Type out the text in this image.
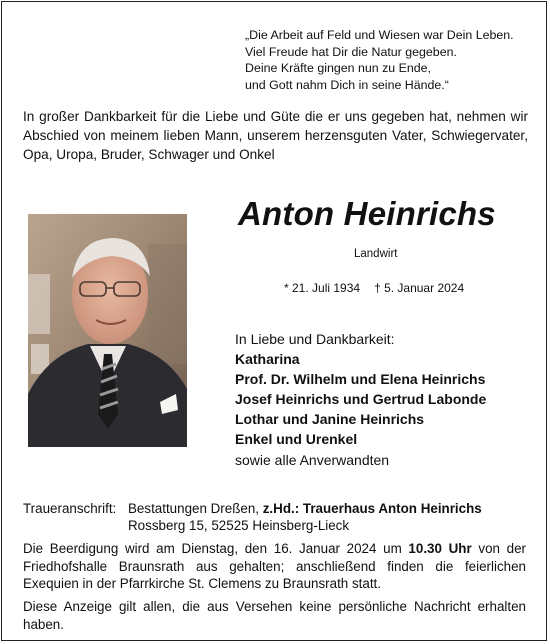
„Die Arbeit auf Feld und Wiesen war Dein Leben.
Viel Freude hat Dir die Natur gegeben.
Deine Kräfte gingen nun zu Ende,
und Gott nahm Dich in seine Hände.“
In großer Dankbarkeit für die Liebe und Güte die er uns gegeben hat, nehmen wir Abschied von meinem lieben Mann, unserem herzensguten Vater, Schwiegervater, Opa, Uropa, Bruder, Schwager und Onkel
Anton Heinrichs
Landwirt
* 21. Juli 1934 † 5. Januar 2024
In Liebe und Dankbarkeit:
Katharina
Prof. Dr. Wilhelm und Elena Heinrichs
Josef Heinrichs und Gertrud Labonde
Lothar und Janine Heinrichs
Enkel und Urenkel
sowie alle Anverwandten
Traueranschrift: Bestattungen Dreßen, z.Hd.: Trauerhaus Anton Heinrichs
Rossberg 15, 52525 Heinsberg-Lieck
Die Beerdigung wird am Dienstag, den 16. Januar 2024 um 10.30 Uhr von der Friedhofshalle Braunsrath aus gehalten; anschließend finden die feierlichen Exequien in der Pfarrkirche St. Clemens zu Braunsrath statt.
Diese Anzeige gilt allen, die aus Versehen keine persönliche Nachricht erhalten haben.
